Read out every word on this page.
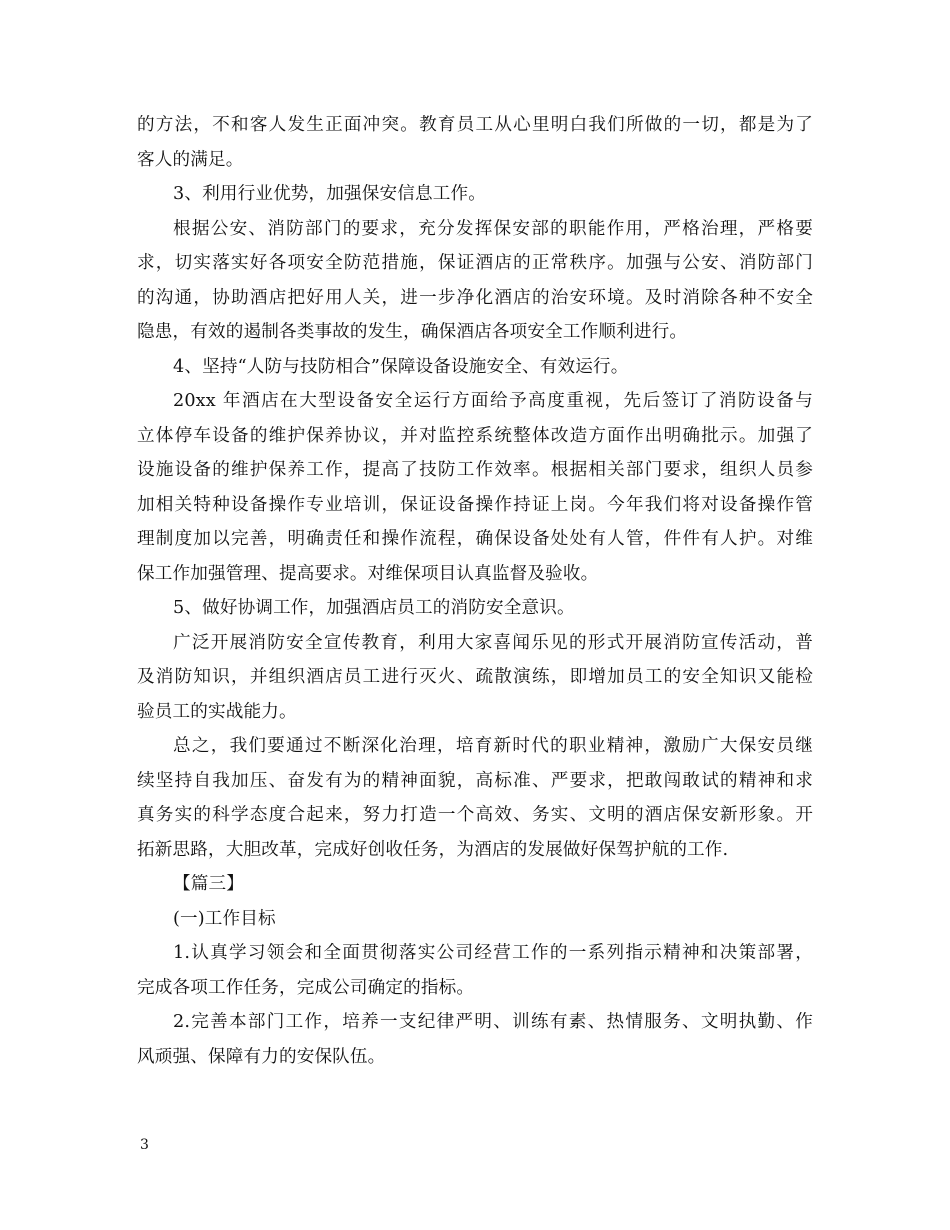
的方法，不和客人发生正面冲突。教育员工从心里明白我们所做的一切，都是为了
客人的满足。
3、利用行业优势，加强保安信息工作。
根据公安、消防部门的要求，充分发挥保安部的职能作用，严格治理，严格要
求，切实落实好各项安全防范措施，保证酒店的正常秩序。加强与公安、消防部门
的沟通，协助酒店把好用人关，进一步净化酒店的治安环境。及时消除各种不安全
隐患，有效的遏制各类事故的发生，确保酒店各项安全工作顺利进行。
4、坚持“人防与技防相合”保障设备设施安全、有效运行。
20xx 年酒店在大型设备安全运行方面给予高度重视，先后签订了消防设备与
立体停车设备的维护保养协议，并对监控系统整体改造方面作出明确批示。加强了
设施设备的维护保养工作，提高了技防工作效率。根据相关部门要求，组织人员参
加相关特种设备操作专业培训，保证设备操作持证上岗。今年我们将对设备操作管
理制度加以完善，明确责任和操作流程，确保设备处处有人管，件件有人护。对维
保工作加强管理、提高要求。对维保项目认真监督及验收。
5、做好协调工作，加强酒店员工的消防安全意识。
广泛开展消防安全宣传教育，利用大家喜闻乐见的形式开展消防宣传活动，普
及消防知识，并组织酒店员工进行灭火、疏散演练，即增加员工的安全知识又能检
验员工的实战能力。
总之，我们要通过不断深化治理，培育新时代的职业精神，激励广大保安员继
续坚持自我加压、奋发有为的精神面貌，高标准、严要求，把敢闯敢试的精神和求
真务实的科学态度合起来，努力打造一个高效、务实、文明的酒店保安新形象。开
拓新思路，大胆改革，完成好创收任务，为酒店的发展做好保驾护航的工作.
【篇三】
(一)工作目标
1.认真学习领会和全面贯彻落实公司经营工作的一系列指示精神和决策部署，
完成各项工作任务，完成公司确定的指标。
2.完善本部门工作，培养一支纪律严明、训练有素、热情服务、文明执勤、作
风顽强、保障有力的安保队伍。
3
